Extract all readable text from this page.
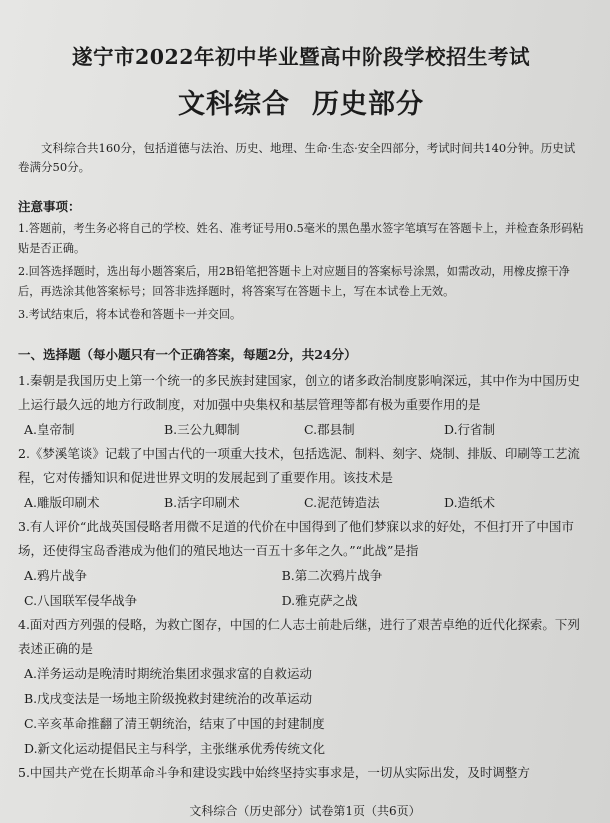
遂宁市2022年初中毕业暨高中阶段学校招生考试
文科综合 历史部分

文科综合共160分，包括道德与法治、历史、地理、生命·生态·安全四部分，考试时间共140分钟。历史试卷满分50分。

注意事项：

1.答题前，考生务必将自己的学校、姓名、准考证号用0.5毫米的黑色墨水签字笔填写在答题卡上，并检查条形码粘贴是否正确。

2.回答选择题时，选出每小题答案后，用2B铅笔把答题卡上对应题目的答案标号涂黑，如需改动，用橡皮擦干净后，再选涂其他答案标号；回答非选择题时，将答案写在答题卡上，写在本试卷上无效。

3.考试结束后，将本试卷和答题卡一并交回。

一、选择题（每小题只有一个正确答案，每题2分，共24分）

1.秦朝是我国历史上第一个统一的多民族封建国家，创立的诸多政治制度影响深远，其中作为中国历史上运行最久远的地方行政制度，对加强中央集权和基层管理等都有极为重要作用的是

A.皇帝制	B.三公九卿制	C.郡县制	D.行省制

2.《梦溪笔谈》记载了中国古代的一项重大技术，包括选泥、制料、刻字、烧制、排版、印刷等工艺流程，它对传播知识和促进世界文明的发展起到了重要作用。该技术是

A.雕版印刷术	B.活字印刷术	C.泥范铸造法	D.造纸术

3.有人评价“此战英国侵略者用微不足道的代价在中国得到了他们梦寐以求的好处，不但打开了中国市场，还使得宝岛香港成为他们的殖民地达一百五十多年之久。”“此战”是指

A.鸦片战争	B.第二次鸦片战争
C.八国联军侵华战争	D.雅克萨之战

4.面对西方列强的侵略，为救亡图存，中国的仁人志士前赴后继，进行了艰苦卓绝的近代化探索。下列表述正确的是

A.洋务运动是晚清时期统治集团求强求富的自救运动
B.戊戌变法是一场地主阶级挽救封建统治的改革运动
C.辛亥革命推翻了清王朝统治，结束了中国的封建制度
D.新文化运动提倡民主与科学，主张继承优秀传统文化

5.中国共产党在长期革命斗争和建设实践中始终坚持实事求是，一切从实际出发，及时调整方

文科综合（历史部分）试卷第1页（共6页）
